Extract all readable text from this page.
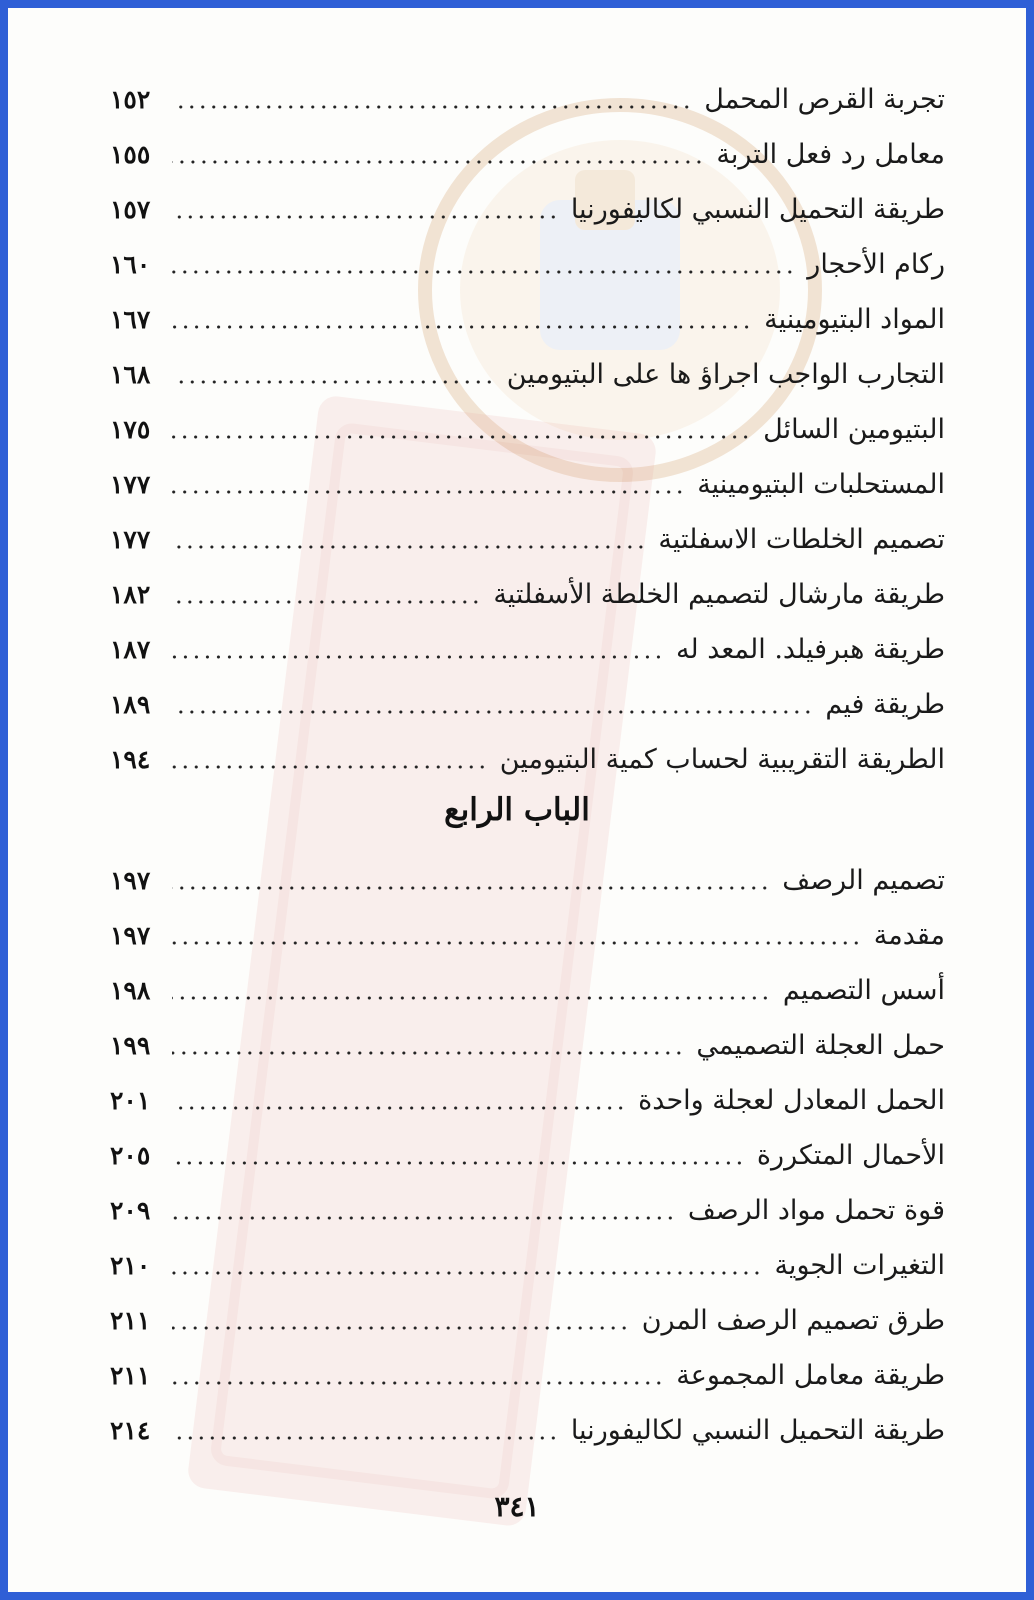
تجربة القرص المحمل
١٥٢
معامل رد فعل التربة
١٥٥
طريقة التحميل النسبي لكاليفورنيا
١٥٧
ركام الأحجار
١٦٠
المواد البتيومينية
١٦٧
التجارب الواجب اجراؤ ها على البتيومين
١٦٨
البتيومين السائل
١٧٥
المستحلبات البتيومينية
١٧٧
تصميم الخلطات الاسفلتية
١٧٧
طريقة مارشال لتصميم الخلطة الأسفلتية
١٨٢
طريقة هبرفيلد. المعد له
١٨٧
طريقة فيم
١٨٩
الطريقة التقريبية لحساب كمية البتيومين
١٩٤
الباب الرابع
تصميم الرصف
١٩٧
مقدمة
١٩٧
أسس التصميم
١٩٨
حمل العجلة التصميمي
١٩٩
الحمل المعادل لعجلة واحدة
٢٠١
الأحمال المتكررة
٢٠٥
قوة تحمل مواد الرصف
٢٠٩
التغيرات الجوية
٢١٠
طرق تصميم الرصف المرن
٢١١
طريقة معامل المجموعة
٢١١
طريقة التحميل النسبي لكاليفورنيا
٢١٤
٣٤١
